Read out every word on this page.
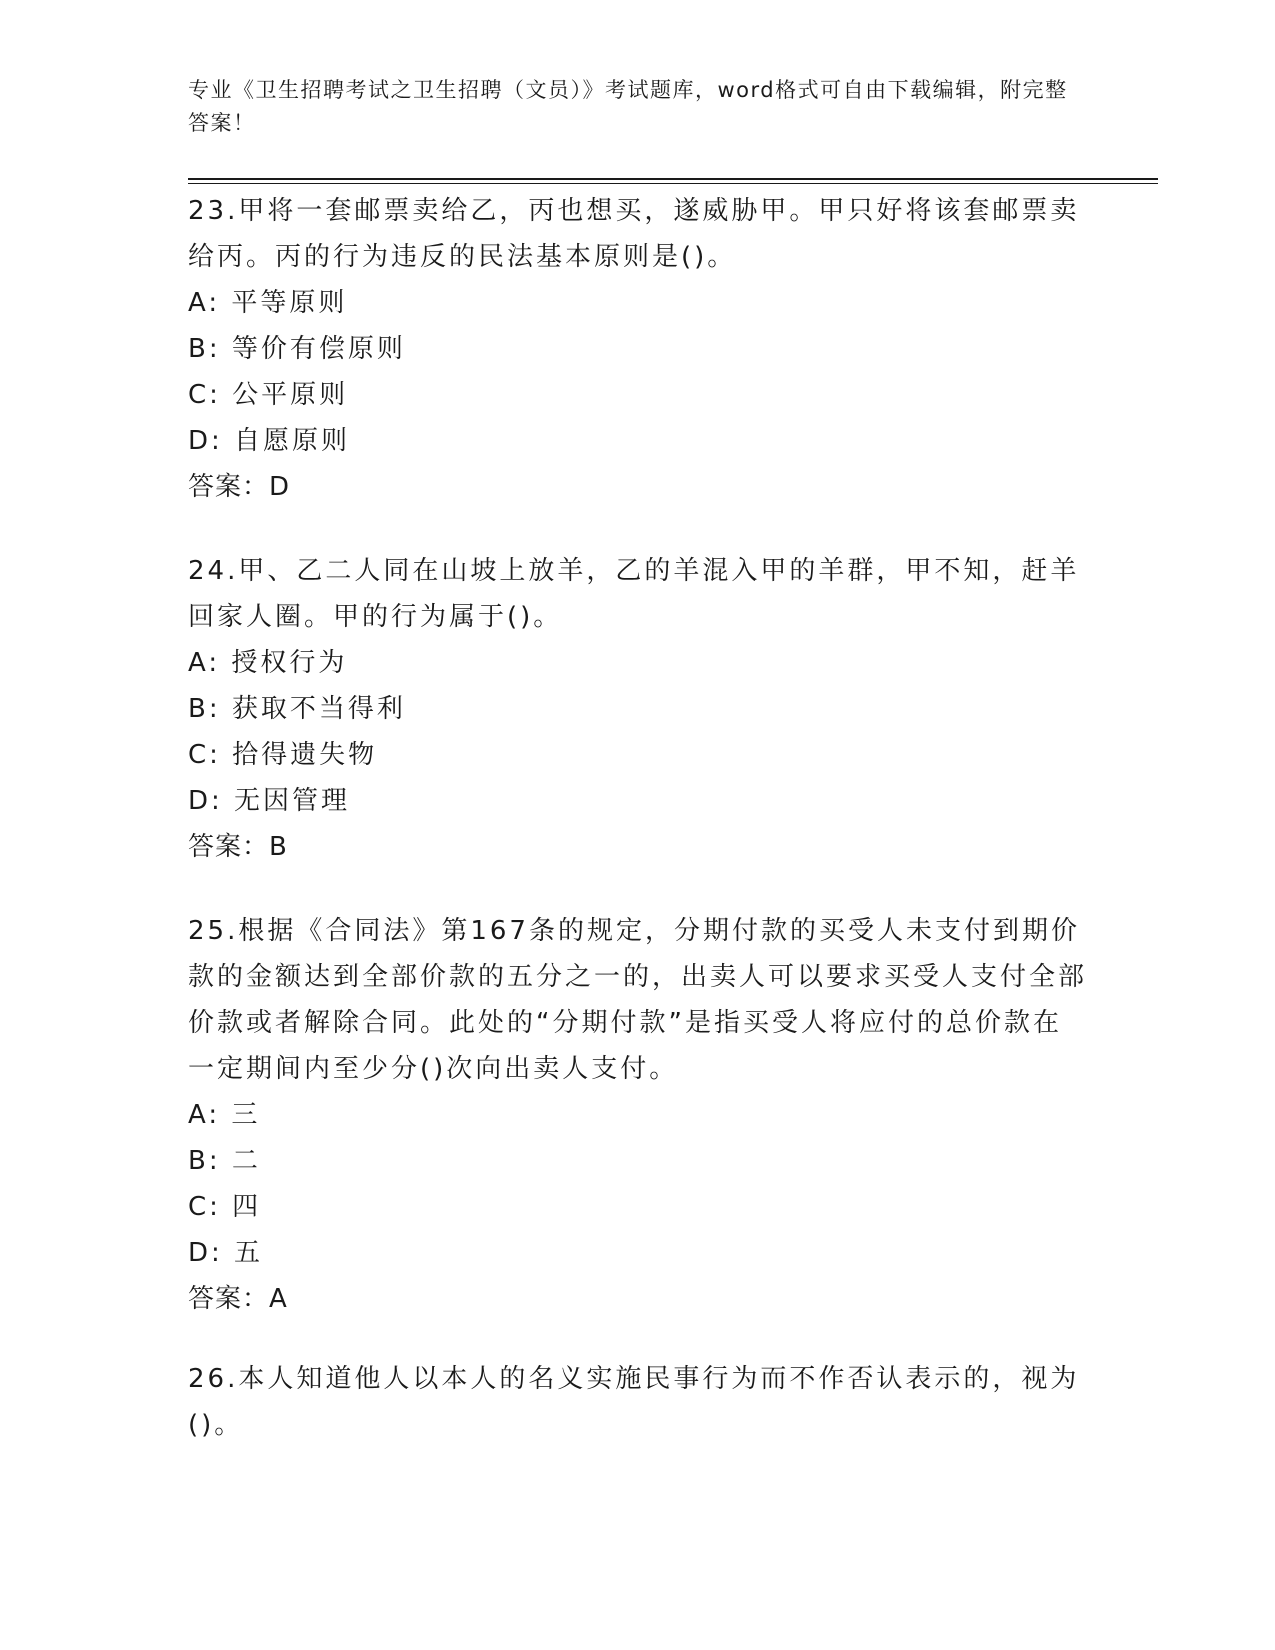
专业《卫生招聘考试之卫生招聘（文员）》考试题库，word格式可自由下载编辑，附完整答案！

23.甲将一套邮票卖给乙，丙也想买，遂威胁甲。甲只好将该套邮票卖给丙。丙的行为违反的民法基本原则是()。

A: 平等原则

B: 等价有偿原则

C: 公平原则

D: 自愿原则

答案：D

24.甲、乙二人同在山坡上放羊，乙的羊混入甲的羊群，甲不知，赶羊回家人圈。甲的行为属于()。

A: 授权行为

B: 获取不当得利

C: 拾得遗失物

D: 无因管理

答案：B

25.根据《合同法》第167条的规定，分期付款的买受人未支付到期价款的金额达到全部价款的五分之一的，出卖人可以要求买受人支付全部价款或者解除合同。此处的“分期付款”是指买受人将应付的总价款在一定期间内至少分()次向出卖人支付。

A: 三

B: 二

C: 四

D: 五

答案：A

26.本人知道他人以本人的名义实施民事行为而不作否认表示的，视为()。
